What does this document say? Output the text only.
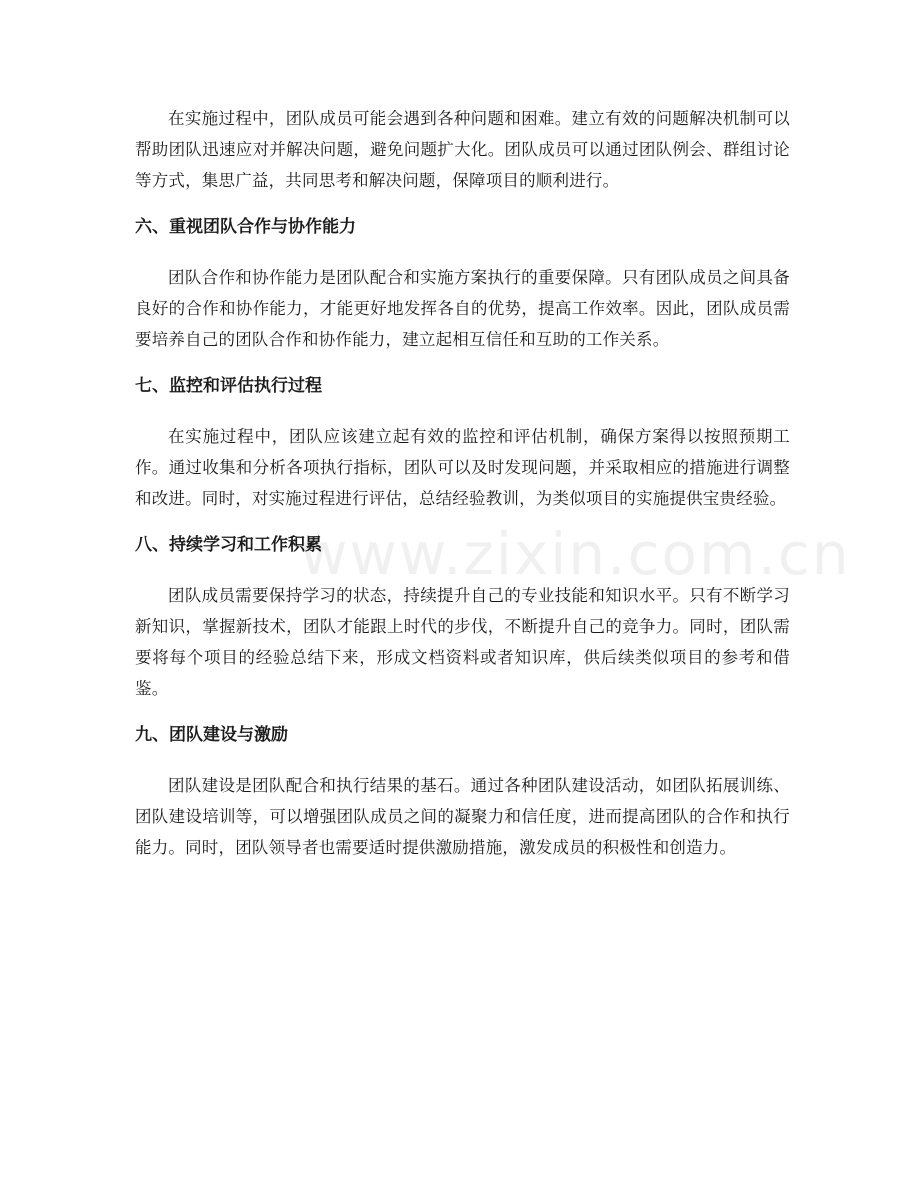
www.zixin.com.cn

在实施过程中，团队成员可能会遇到各种问题和困难。建立有效的问题解决机制可以帮助团队迅速应对并解决问题，避免问题扩大化。团队成员可以通过团队例会、群组讨论等方式，集思广益，共同思考和解决问题，保障项目的顺利进行。

六、重视团队合作与协作能力

团队合作和协作能力是团队配合和实施方案执行的重要保障。只有团队成员之间具备良好的合作和协作能力，才能更好地发挥各自的优势，提高工作效率。因此，团队成员需要培养自己的团队合作和协作能力，建立起相互信任和互助的工作关系。

七、监控和评估执行过程

在实施过程中，团队应该建立起有效的监控和评估机制，确保方案得以按照预期工作。通过收集和分析各项执行指标，团队可以及时发现问题，并采取相应的措施进行调整和改进。同时，对实施过程进行评估，总结经验教训，为类似项目的实施提供宝贵经验。

八、持续学习和工作积累

团队成员需要保持学习的状态，持续提升自己的专业技能和知识水平。只有不断学习新知识，掌握新技术，团队才能跟上时代的步伐，不断提升自己的竞争力。同时，团队需要将每个项目的经验总结下来，形成文档资料或者知识库，供后续类似项目的参考和借鉴。

九、团队建设与激励

团队建设是团队配合和执行结果的基石。通过各种团队建设活动，如团队拓展训练、团队建设培训等，可以增强团队成员之间的凝聚力和信任度，进而提高团队的合作和执行能力。同时，团队领导者也需要适时提供激励措施，激发成员的积极性和创造力。
